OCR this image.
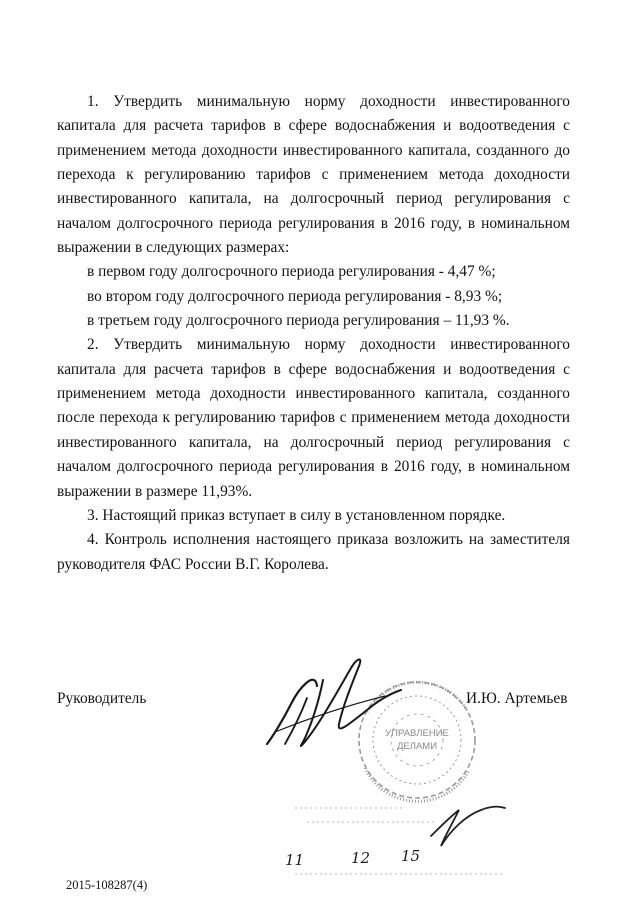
1. Утвердить минимальную норму доходности инвестированного капитала для расчета тарифов в сфере водоснабжения и водоотведения с применением метода доходности инвестированного капитала, созданного до перехода к регулированию тарифов с применением метода доходности инвестированного капитала, на долгосрочный период регулирования с началом долгосрочного периода регулирования в 2016 году, в номинальном выражении в следующих размерах:

в первом году долгосрочного периода регулирования - 4,47 %;

во втором году долгосрочного периода регулирования - 8,93 %;

в третьем году долгосрочного периода регулирования – 11,93 %.

2. Утвердить минимальную норму доходности инвестированного капитала для расчета тарифов в сфере водоснабжения и водоотведения с применением метода доходности инвестированного капитала, созданного после перехода к регулированию тарифов с применением метода доходности инвестированного капитала, на долгосрочный период регулирования с началом долгосрочного периода регулирования в 2016 году, в номинальном выражении в размере 11,93%.

3. Настоящий приказ вступает в силу в установленном порядке.

4. Контроль исполнения настоящего приказа возложить на заместителя руководителя ФАС России В.Г. Королева.

Руководитель
УПРАВЛЕНИЕ
ДЕЛАМИ
11	12 15
И.Ю. Артемьев
2015-108287(4)
